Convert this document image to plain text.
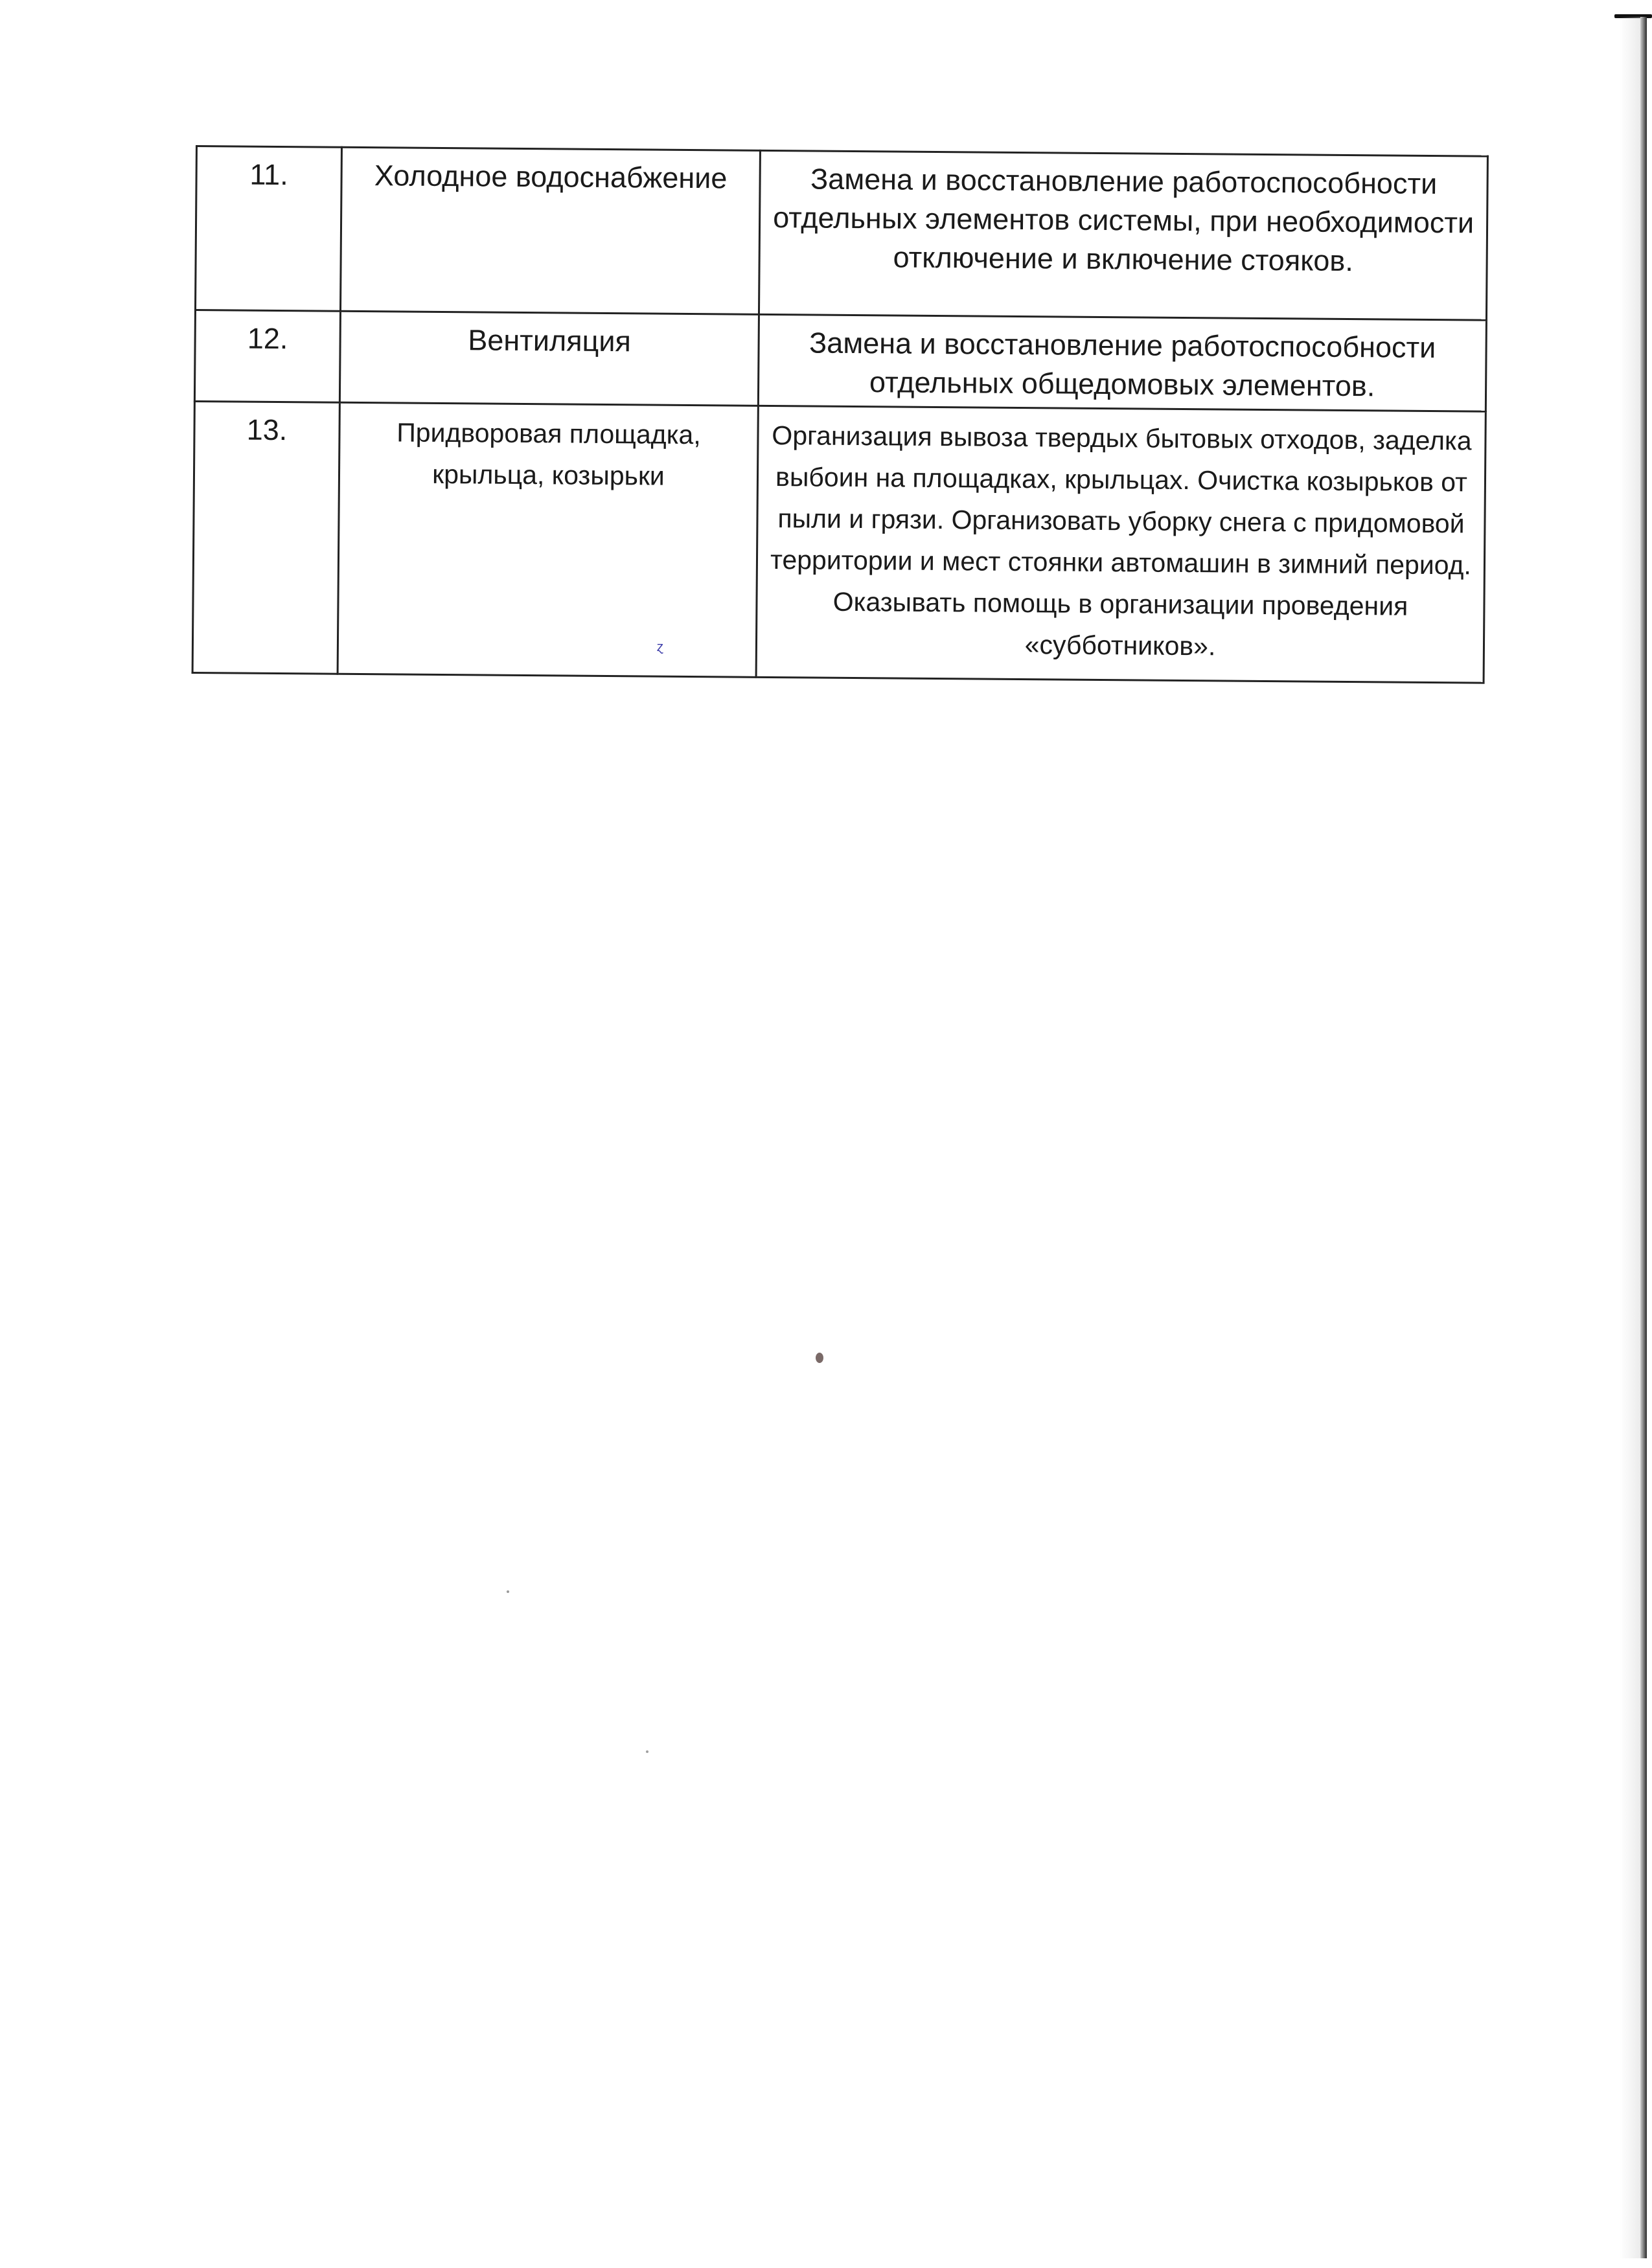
11.	Холодное водоснабжение	Замена и восстановление работоспособности отдельных элементов системы, при необходимости отключение и включение стояков.
12.	Вентиляция	Замена и восстановление работоспособности отдельных общедомовых элементов.
13.	Придворовая площадка, крыльца, козырьки	Организация вывоза твердых бытовых отходов, заделка выбоин на площадках, крыльцах. Очистка козырьков от пыли и грязи. Организовать уборку снега с придомовой территории и мест стоянки автомашин в зимний период. Оказывать помощь в организации проведения «субботников».
ɀ
